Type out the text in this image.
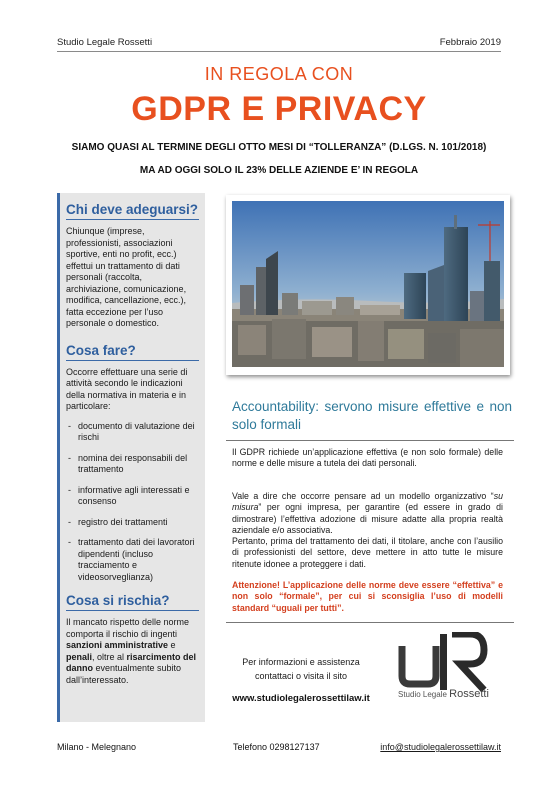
Studio Legale Rossetti	Febbraio 2019
IN REGOLA CON
GDPR E PRIVACY
SIAMO QUASI AL TERMINE DEGLI OTTO MESI DI “TOLLERANZA” (D.LGS. N. 101/2018)
MA AD OGGI SOLO IL 23% DELLE AZIENDE E’ IN REGOLA
Chi deve adeguarsi?

Chiunque (imprese, professionisti, associazioni sportive, enti no profit, ecc.) effettui un trattamento di dati personali (raccolta, archiviazione, comunicazione, modifica, cancellazione, ecc.), fatta eccezione per l’uso personale o domestico.

Cosa fare?

Occorre effettuare una serie di attività secondo le indicazioni della normativa in materia e in particolare:

- documento di valutazione dei rischi
- nomina dei responsabili del trattamento
- informative agli interessati e consenso
- registro dei trattamenti
- trattamento dati dei lavoratori dipendenti (incluso tracciamento e videosorveglianza)
Cosa si rischia?

Il mancato rispetto delle norme comporta il rischio di ingenti sanzioni amministrative e penali, oltre al risarcimento del danno eventualmente subito dall’interessato.

Accountability: servono misure effettive e non solo formali

Il GDPR richiede un’applicazione effettiva (e non solo formale) delle norme e delle misure a tutela dei dati personali.

Vale a dire che occorre pensare ad un modello organizzativo “su misura” per ogni impresa, per garantire (ed essere in grado di dimostrare) l’effettiva adozione di misure adatte alla propria realtà aziendale e/o associativa.

Pertanto, prima del trattamento dei dati, il titolare, anche con l’ausilio di professionisti del settore, deve mettere in atto tutte le misure ritenute idonee a proteggere i dati.

Attenzione! L’applicazione delle norme deve essere “effettiva” e non solo “formale”, per cui si sconsiglia l’uso di modelli standard “uguali per tutti”.

Per informazioni e assistenza
contattaci o visita il sito
www.studiolegalerossettilaw.it	Studio Legale Rossetti
Milano - Melegnano	Telefono 0298127137	info@studiolegalerossettilaw.it
